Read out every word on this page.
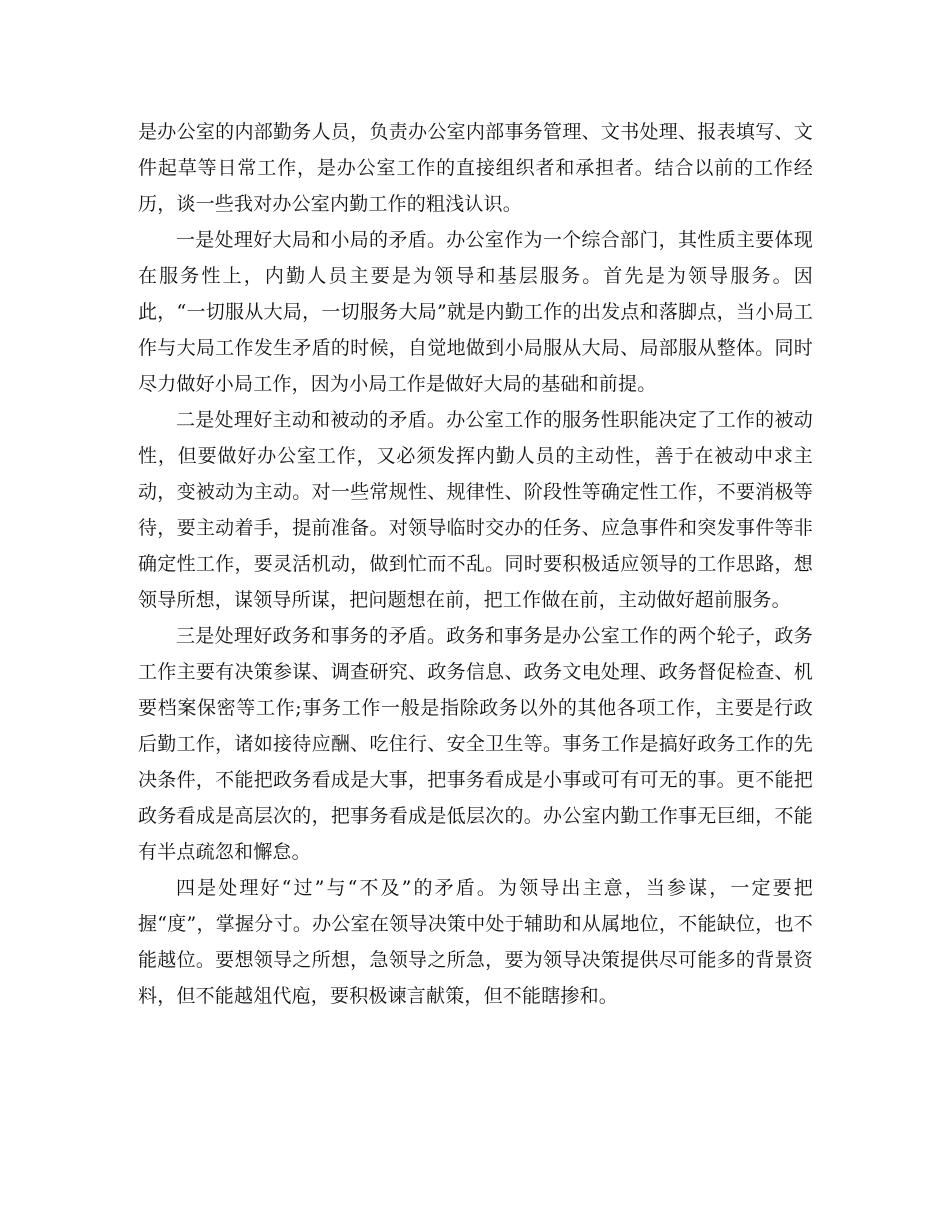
是办公室的内部勤务人员，负责办公室内部事务管理、文书处理、报表填写、文件起草等日常工作，是办公室工作的直接组织者和承担者。结合以前的工作经历，谈一些我对办公室内勤工作的粗浅认识。

一是处理好大局和小局的矛盾。办公室作为一个综合部门，其性质主要体现在服务性上，内勤人员主要是为领导和基层服务。首先是为领导服务。因此，“一切服从大局，一切服务大局”就是内勤工作的出发点和落脚点，当小局工作与大局工作发生矛盾的时候，自觉地做到小局服从大局、局部服从整体。同时尽力做好小局工作，因为小局工作是做好大局的基础和前提。

二是处理好主动和被动的矛盾。办公室工作的服务性职能决定了工作的被动性，但要做好办公室工作，又必须发挥内勤人员的主动性，善于在被动中求主动，变被动为主动。对一些常规性、规律性、阶段性等确定性工作，不要消极等待，要主动着手，提前准备。对领导临时交办的任务、应急事件和突发事件等非确定性工作，要灵活机动，做到忙而不乱。同时要积极适应领导的工作思路，想领导所想，谋领导所谋，把问题想在前，把工作做在前，主动做好超前服务。

三是处理好政务和事务的矛盾。政务和事务是办公室工作的两个轮子，政务工作主要有决策参谋、调查研究、政务信息、政务文电处理、政务督促检查、机要档案保密等工作;事务工作一般是指除政务以外的其他各项工作，主要是行政后勤工作，诸如接待应酬、吃住行、安全卫生等。事务工作是搞好政务工作的先决条件，不能把政务看成是大事，把事务看成是小事或可有可无的事。更不能把政务看成是高层次的，把事务看成是低层次的。办公室内勤工作事无巨细，不能有半点疏忽和懈怠。

四是处理好“过”与“不及”的矛盾。为领导出主意，当参谋，一定要把握“度”，掌握分寸。办公室在领导决策中处于辅助和从属地位，不能缺位，也不能越位。要想领导之所想，急领导之所急，要为领导决策提供尽可能多的背景资料，但不能越俎代庖，要积极谏言献策，但不能瞎掺和。
